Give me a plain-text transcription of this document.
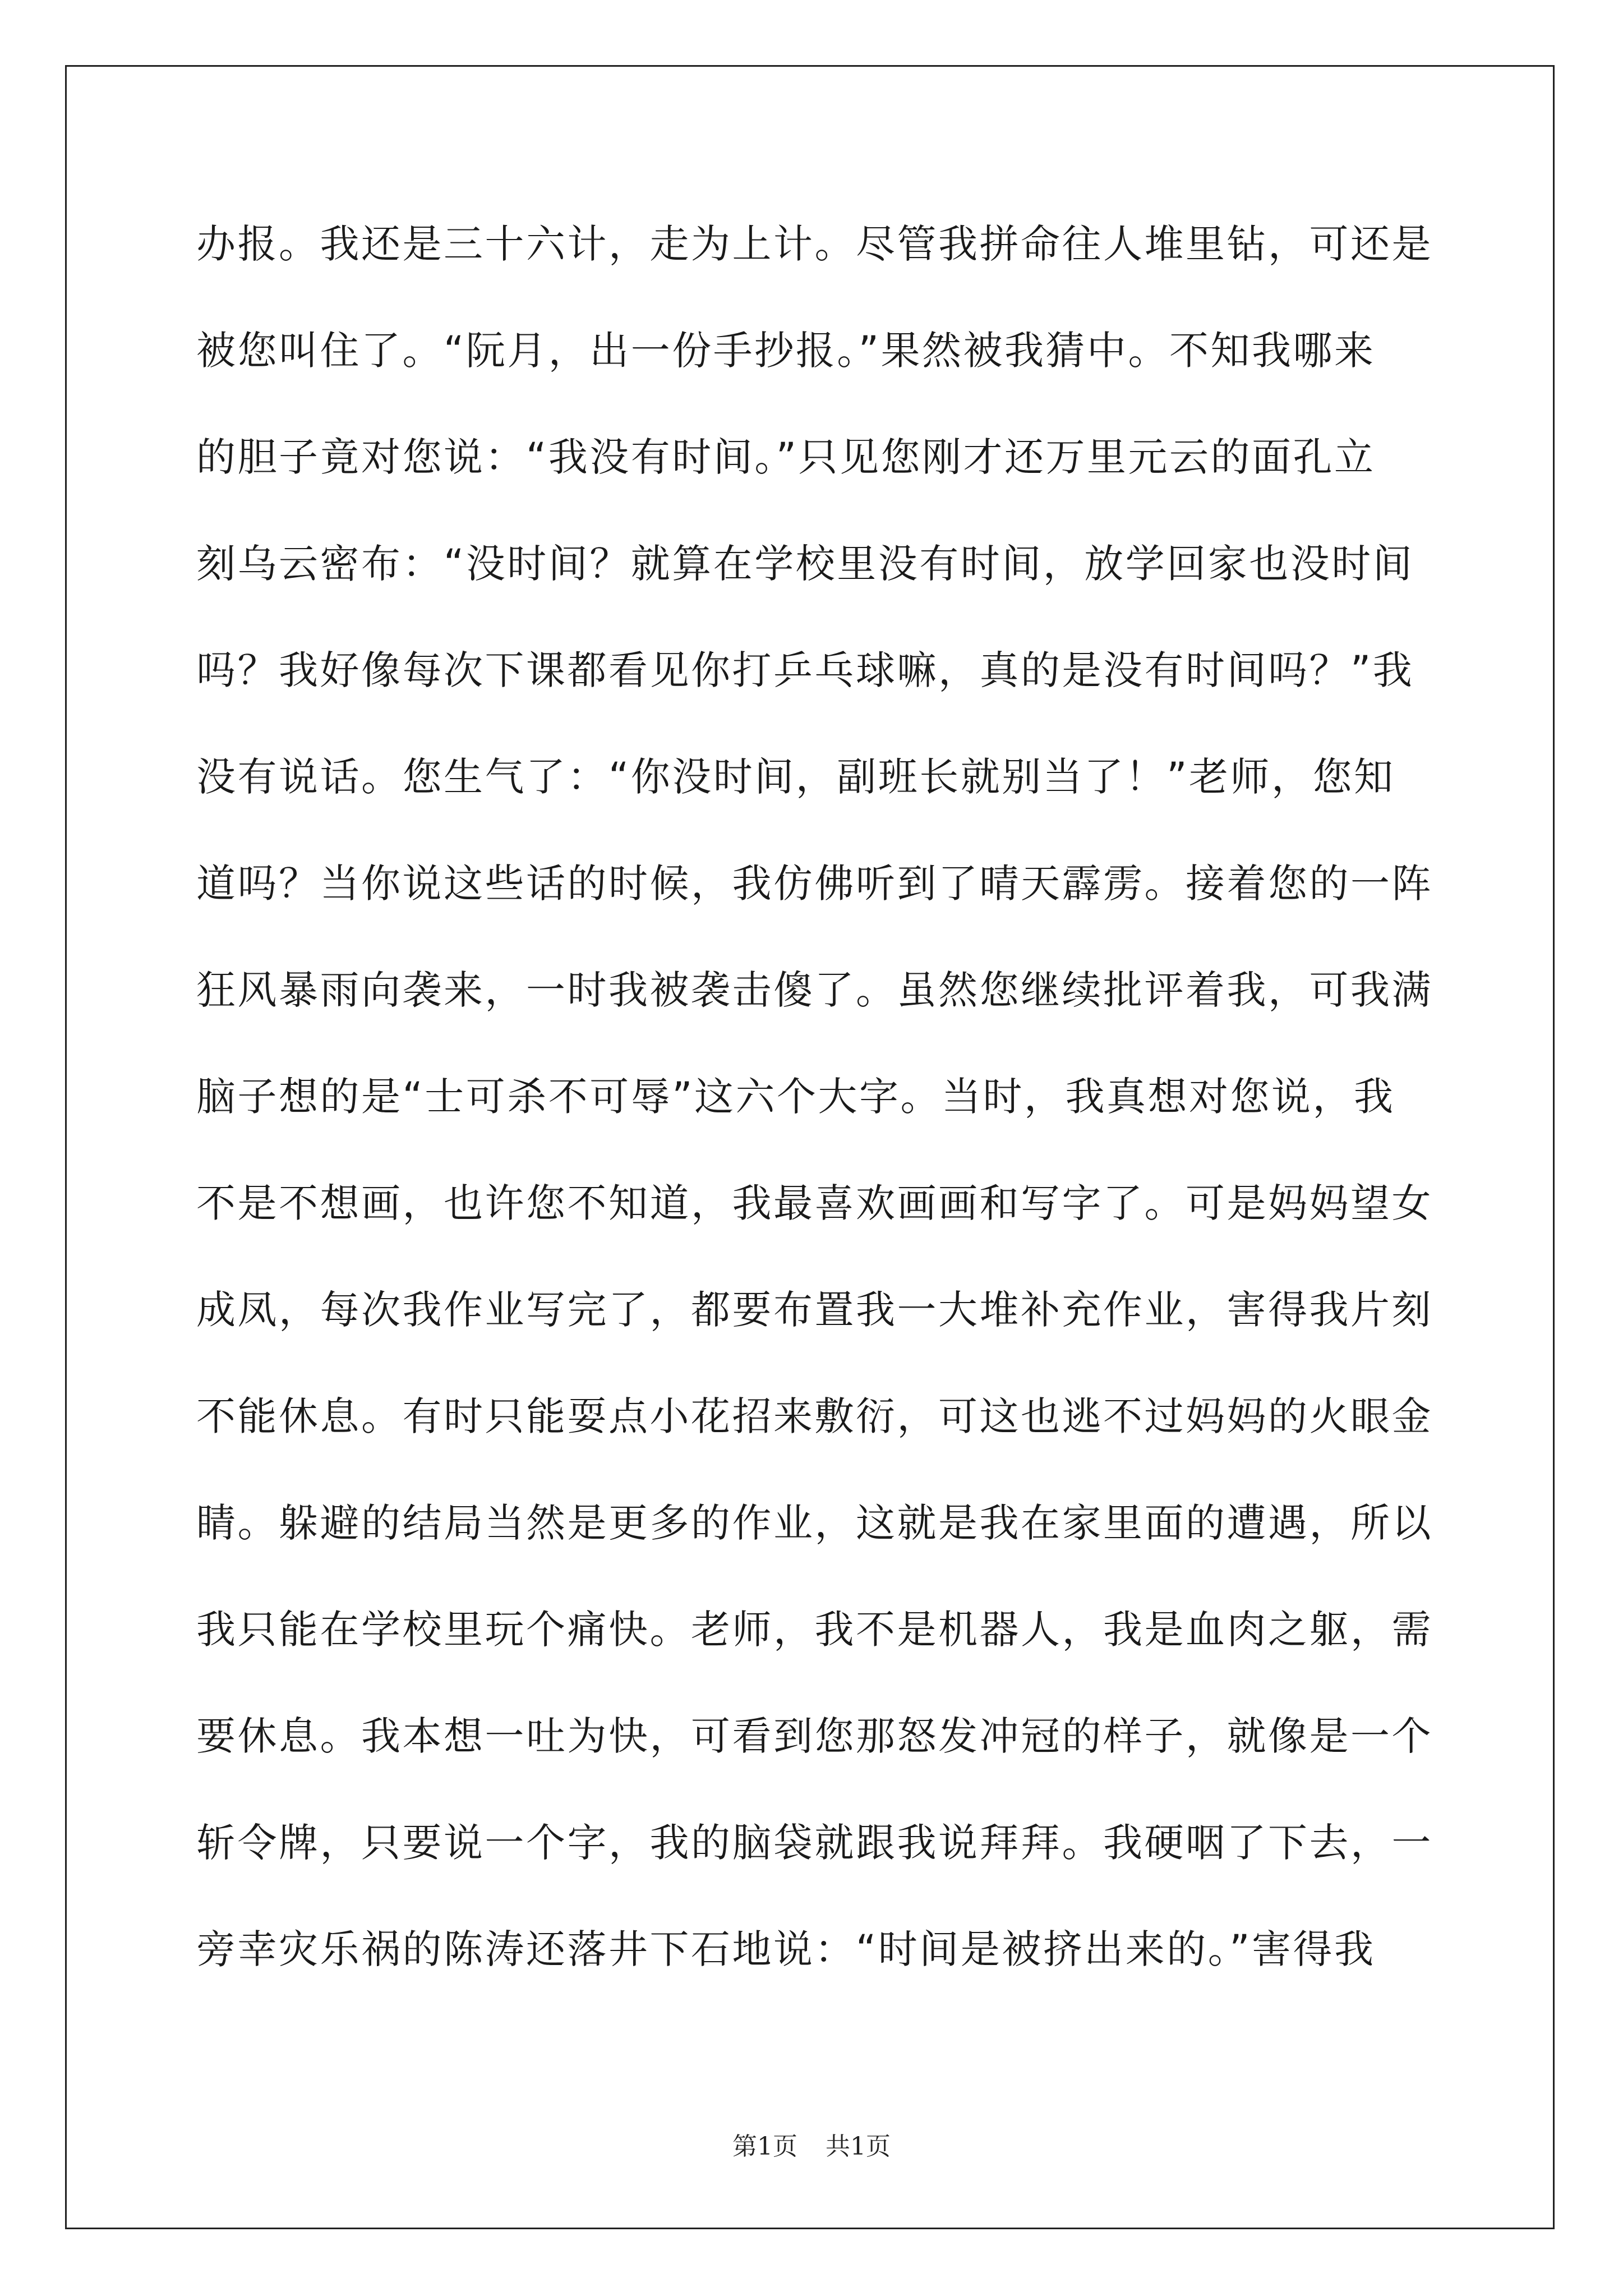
办报。我还是三十六计，走为上计。尽管我拼命往人堆里钻，可还是
被您叫住了。“阮月，出一份手抄报。”果然被我猜中。不知我哪来
的胆子竟对您说：“我没有时间。”只见您刚才还万里元云的面孔立
刻乌云密布：“没时间？就算在学校里没有时间，放学回家也没时间
吗？我好像每次下课都看见你打乒乓球嘛，真的是没有时间吗？”我
没有说话。您生气了：“你没时间，副班长就别当了！”老师，您知
道吗？当你说这些话的时候，我仿佛听到了晴天霹雳。接着您的一阵
狂风暴雨向袭来，一时我被袭击傻了。虽然您继续批评着我，可我满
脑子想的是“士可杀不可辱”这六个大字。当时，我真想对您说，我
不是不想画，也许您不知道，我最喜欢画画和写字了。可是妈妈望女
成凤，每次我作业写完了，都要布置我一大堆补充作业，害得我片刻
不能休息。有时只能耍点小花招来敷衍，可这也逃不过妈妈的火眼金
睛。躲避的结局当然是更多的作业，这就是我在家里面的遭遇，所以
我只能在学校里玩个痛快。老师，我不是机器人，我是血肉之躯，需
要休息。我本想一吐为快，可看到您那怒发冲冠的样子，就像是一个
斩令牌，只要说一个字，我的脑袋就跟我说拜拜。我硬咽了下去，一
旁幸灾乐祸的陈涛还落井下石地说：“时间是被挤出来的。”害得我
第1页 共1页
